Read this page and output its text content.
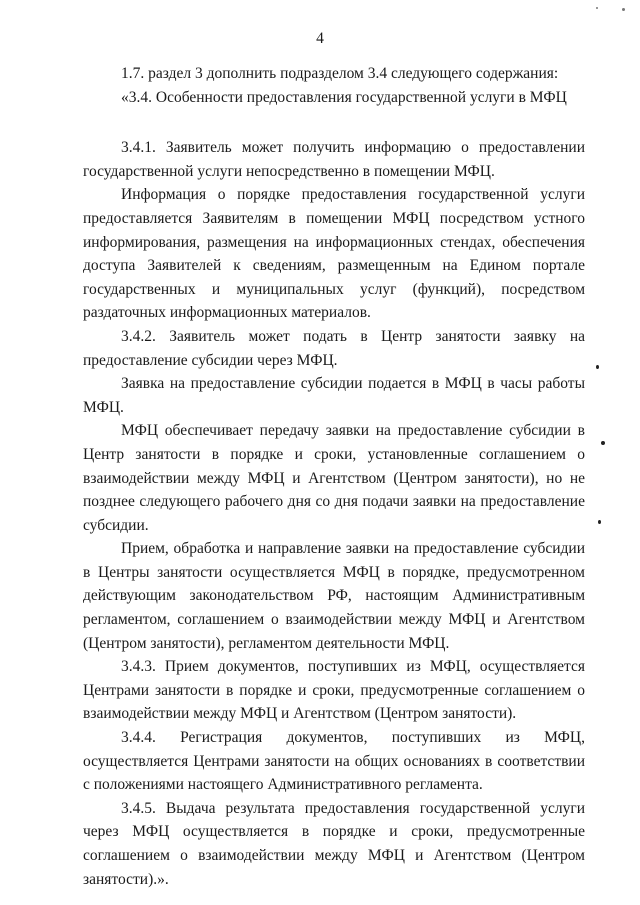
4

1.7. раздел 3 дополнить подразделом 3.4 следующего содержания:

«3.4. Особенности предоставления государственной услуги в МФЦ

3.4.1. Заявитель может получить информацию о предоставлении государственной услуги непосредственно в помещении МФЦ.

Информация о порядке предоставления государственной услуги предоставляется Заявителям в помещении МФЦ посредством устного информирования, размещения на информационных стендах, обеспечения доступа Заявителей к сведениям, размещенным на Едином портале государственных и муниципальных услуг (функций), посредством раздаточных информационных материалов.

3.4.2. Заявитель может подать в Центр занятости заявку на предоставление субсидии через МФЦ.

Заявка на предоставление субсидии подается в МФЦ в часы работы МФЦ.

МФЦ обеспечивает передачу заявки на предоставление субсидии в Центр занятости в порядке и сроки, установленные соглашением о взаимодействии между МФЦ и Агентством (Центром занятости), но не позднее следующего рабочего дня со дня подачи заявки на предоставление субсидии.

Прием, обработка и направление заявки на предоставление субсидии в Центры занятости осуществляется МФЦ в порядке, предусмотренном действующим законодательством РФ, настоящим Административным регламентом, соглашением о взаимодействии между МФЦ и Агентством (Центром занятости), регламентом деятельности МФЦ.

3.4.3. Прием документов, поступивших из МФЦ, осуществляется Центрами занятости в порядке и сроки, предусмотренные соглашением о взаимодействии между МФЦ и Агентством (Центром занятости).

3.4.4. Регистрация документов, поступивших из МФЦ, осуществляется Центрами занятости на общих основаниях в соответствии с положениями настоящего Административного регламента.

3.4.5. Выдача результата предоставления государственной услуги через МФЦ осуществляется в порядке и сроки, предусмотренные соглашением о взаимодействии между МФЦ и Агентством (Центром занятости).».
